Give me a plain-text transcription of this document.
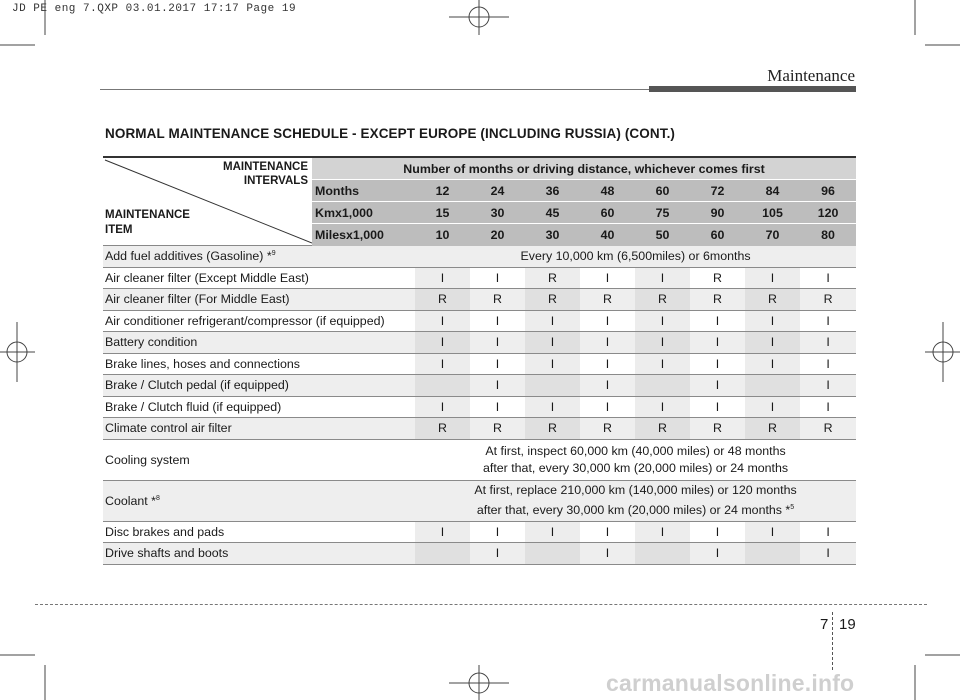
JD PE eng 7.QXP 03.01.2017 17:17 Page 19
Maintenance
NORMAL MAINTENANCE SCHEDULE - EXCEPT EUROPE (INCLUDING RUSSIA) (CONT.)
MAINTENANCE
INTERVALS
MAINTENANCE
ITEM	Number of months or driving distance, whichever comes first								
	Months	12	24	36	48	60	72	84	96
	Kmx1,000	15	30	45	60	75	90	105	120
	Milesx1,000	10	20	30	40	50	60	70	80
Add fuel additives (Gasoline) *$^9$		Every 10,000 km (6,500miles) or 6months							
Air cleaner filter (Except Middle East)		I	I	R	I	I	R	I	I
Air cleaner filter (For Middle East)		R	R	R	R	R	R	R	R
Air conditioner refrigerant/compressor (if equipped)		I	I	I	I	I	I	I	I
Battery condition		I	I	I	I	I	I	I	I
Brake lines, hoses and connections		I	I	I	I	I	I	I	I
Brake / Clutch pedal (if equipped)			I		I		I		I
Brake / Clutch fluid (if equipped)		I	I	I	I	I	I	I	I
Climate control air filter		R	R	R	R	R	R	R	R
Cooling system		At first, inspect 60,000 km (40,000 miles) or 48 months
after that, every 30,000 km (20,000 miles) or 24 months							

Coolant *$^8$		At first, replace 210,000 km (140,000 miles) or 120 months
after that, every 30,000 km (20,000 miles) or 24 months *$^5$

Disc brakes and pads		I	I	I	I	I	I	I	I
Drive shafts and boots			I		I		I		I
7 19
carmanualsonline.info
